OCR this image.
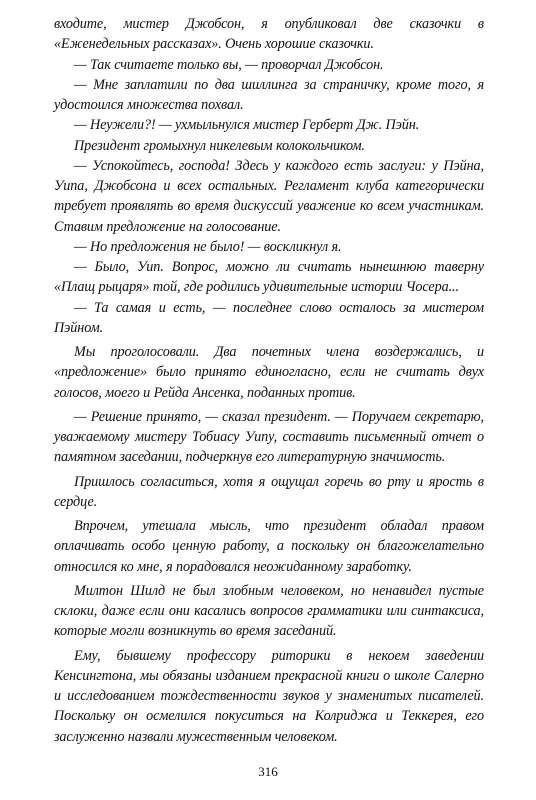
входите, мистер Джобсон, я опубликовал две сказочки в «Еженедельных рассказах». Очень хорошие сказочки.

— Так считаете только вы, — проворчал Джобсон.

— Мне заплатили по два шиллинга за страничку, кроме того, я удостоился множества похвал.

— Неужели?! — ухмыльнулся мистер Герберт Дж. Пэйн.

Президент громыхнул никелевым колокольчиком.

— Успокойтесь, господа! Здесь у каждого есть заслуги: у Пэйна, Уипа, Джобсона и всех остальных. Регламент клуба категорически требует проявлять во время дискуссий уважение ко всем участникам. Ставим предложение на голосование.

— Но предложения не было! — воскликнул я.

— Было, Уип. Вопрос, можно ли считать нынешнюю таверну «Плащ рыцаря» той, где родились удивительные истории Чосера...

— Та самая и есть, — последнее слово осталось за мистером Пэйном.

Мы проголосовали. Два почетных члена воздержались, и «предложение» было принято единогласно, если не считать двух голосов, моего и Рейда Ансенка, поданных против.

— Решение принято, — сказал президент. — Поручаем секретарю, уважаемому мистеру Тобиасу Уипу, составить письменный отчет о памятном заседании, подчеркнув его литературную значимость.

Пришлось согласиться, хотя я ощущал горечь во рту и ярость в сердце.

Впрочем, утешала мысль, что президент обладал правом оплачивать особо ценную работу, а поскольку он благожелательно относился ко мне, я порадовался неожиданному заработку.

Милтон Шилд не был злобным человеком, но ненавидел пустые склоки, даже если они касались вопросов грамматики или синтаксиса, которые могли возникнуть во время заседаний.

Ему, бывшему профессору риторики в некоем заведении Кенсингтона, мы обязаны изданием прекрасной книги о школе Салерно и исследованием тождественности звуков у знаменитых писателей. Поскольку он осмелился покуситься на Колриджа и Теккерея, его заслуженно назвали мужественным человеком.

316
